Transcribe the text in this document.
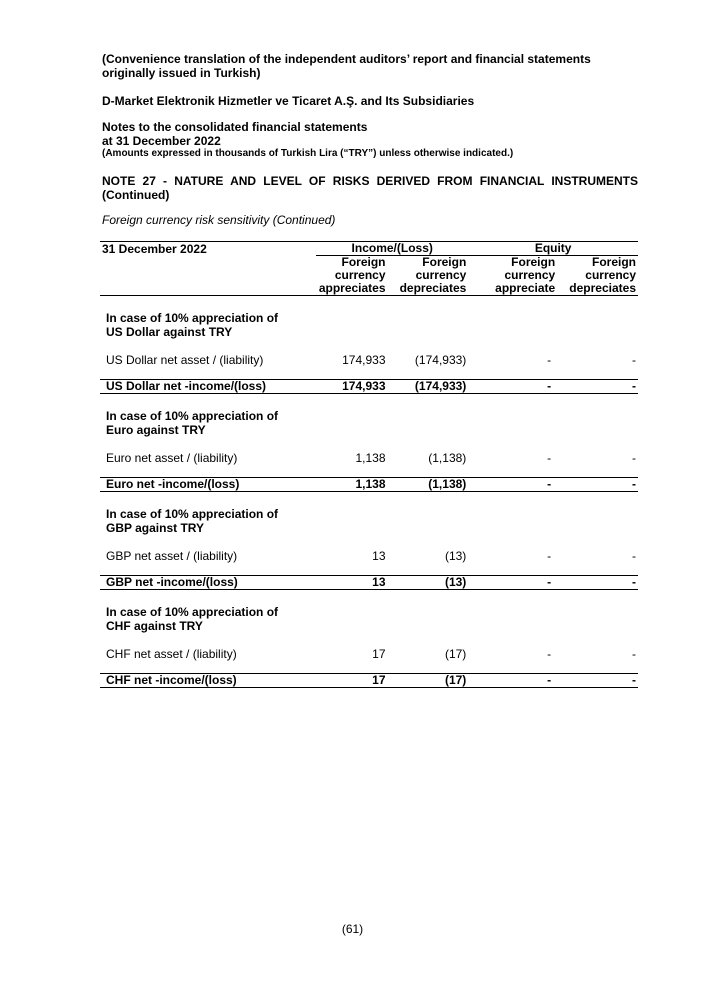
(Convenience translation of the independent auditors’ report and financial statements originally issued in Turkish)
D-Market Elektronik Hizmetler ve Ticaret A.Ş. and Its Subsidiaries
Notes to the consolidated financial statements
at 31 December 2022
(Amounts expressed in thousands of Turkish Lira (“TRY”) unless otherwise indicated.)
NOTE 27 - NATURE AND LEVEL OF RISKS DERIVED FROM FINANCIAL INSTRUMENTS
(Continued)
Foreign currency risk sensitivity (Continued)
31 December 2022	Income/(Loss)		Equity	
	Foreign	Foreign	Foreign	Foreign
	currency	currency	currency	currency
	appreciates	depreciates	appreciate	depreciates

In case of 10% appreciation of
US Dollar against TRY				

US Dollar net asset / (liability)	174,933	(174,933)	-	-

US Dollar net -income/(loss)	174,933	(174,933)	-	-

In case of 10% appreciation of
Euro against TRY				

Euro net asset / (liability)	1,138	(1,138)	-	-

Euro net -income/(loss)	1,138	(1,138)	-	-

In case of 10% appreciation of
GBP against TRY				

GBP net asset / (liability)	13	(13)	-	-

GBP net -income/(loss)	13	(13)	-	-

In case of 10% appreciation of
CHF against TRY				

CHF net asset / (liability)	17	(17)	-	-

CHF net -income/(loss)	17	(17)	-	-
(61)
